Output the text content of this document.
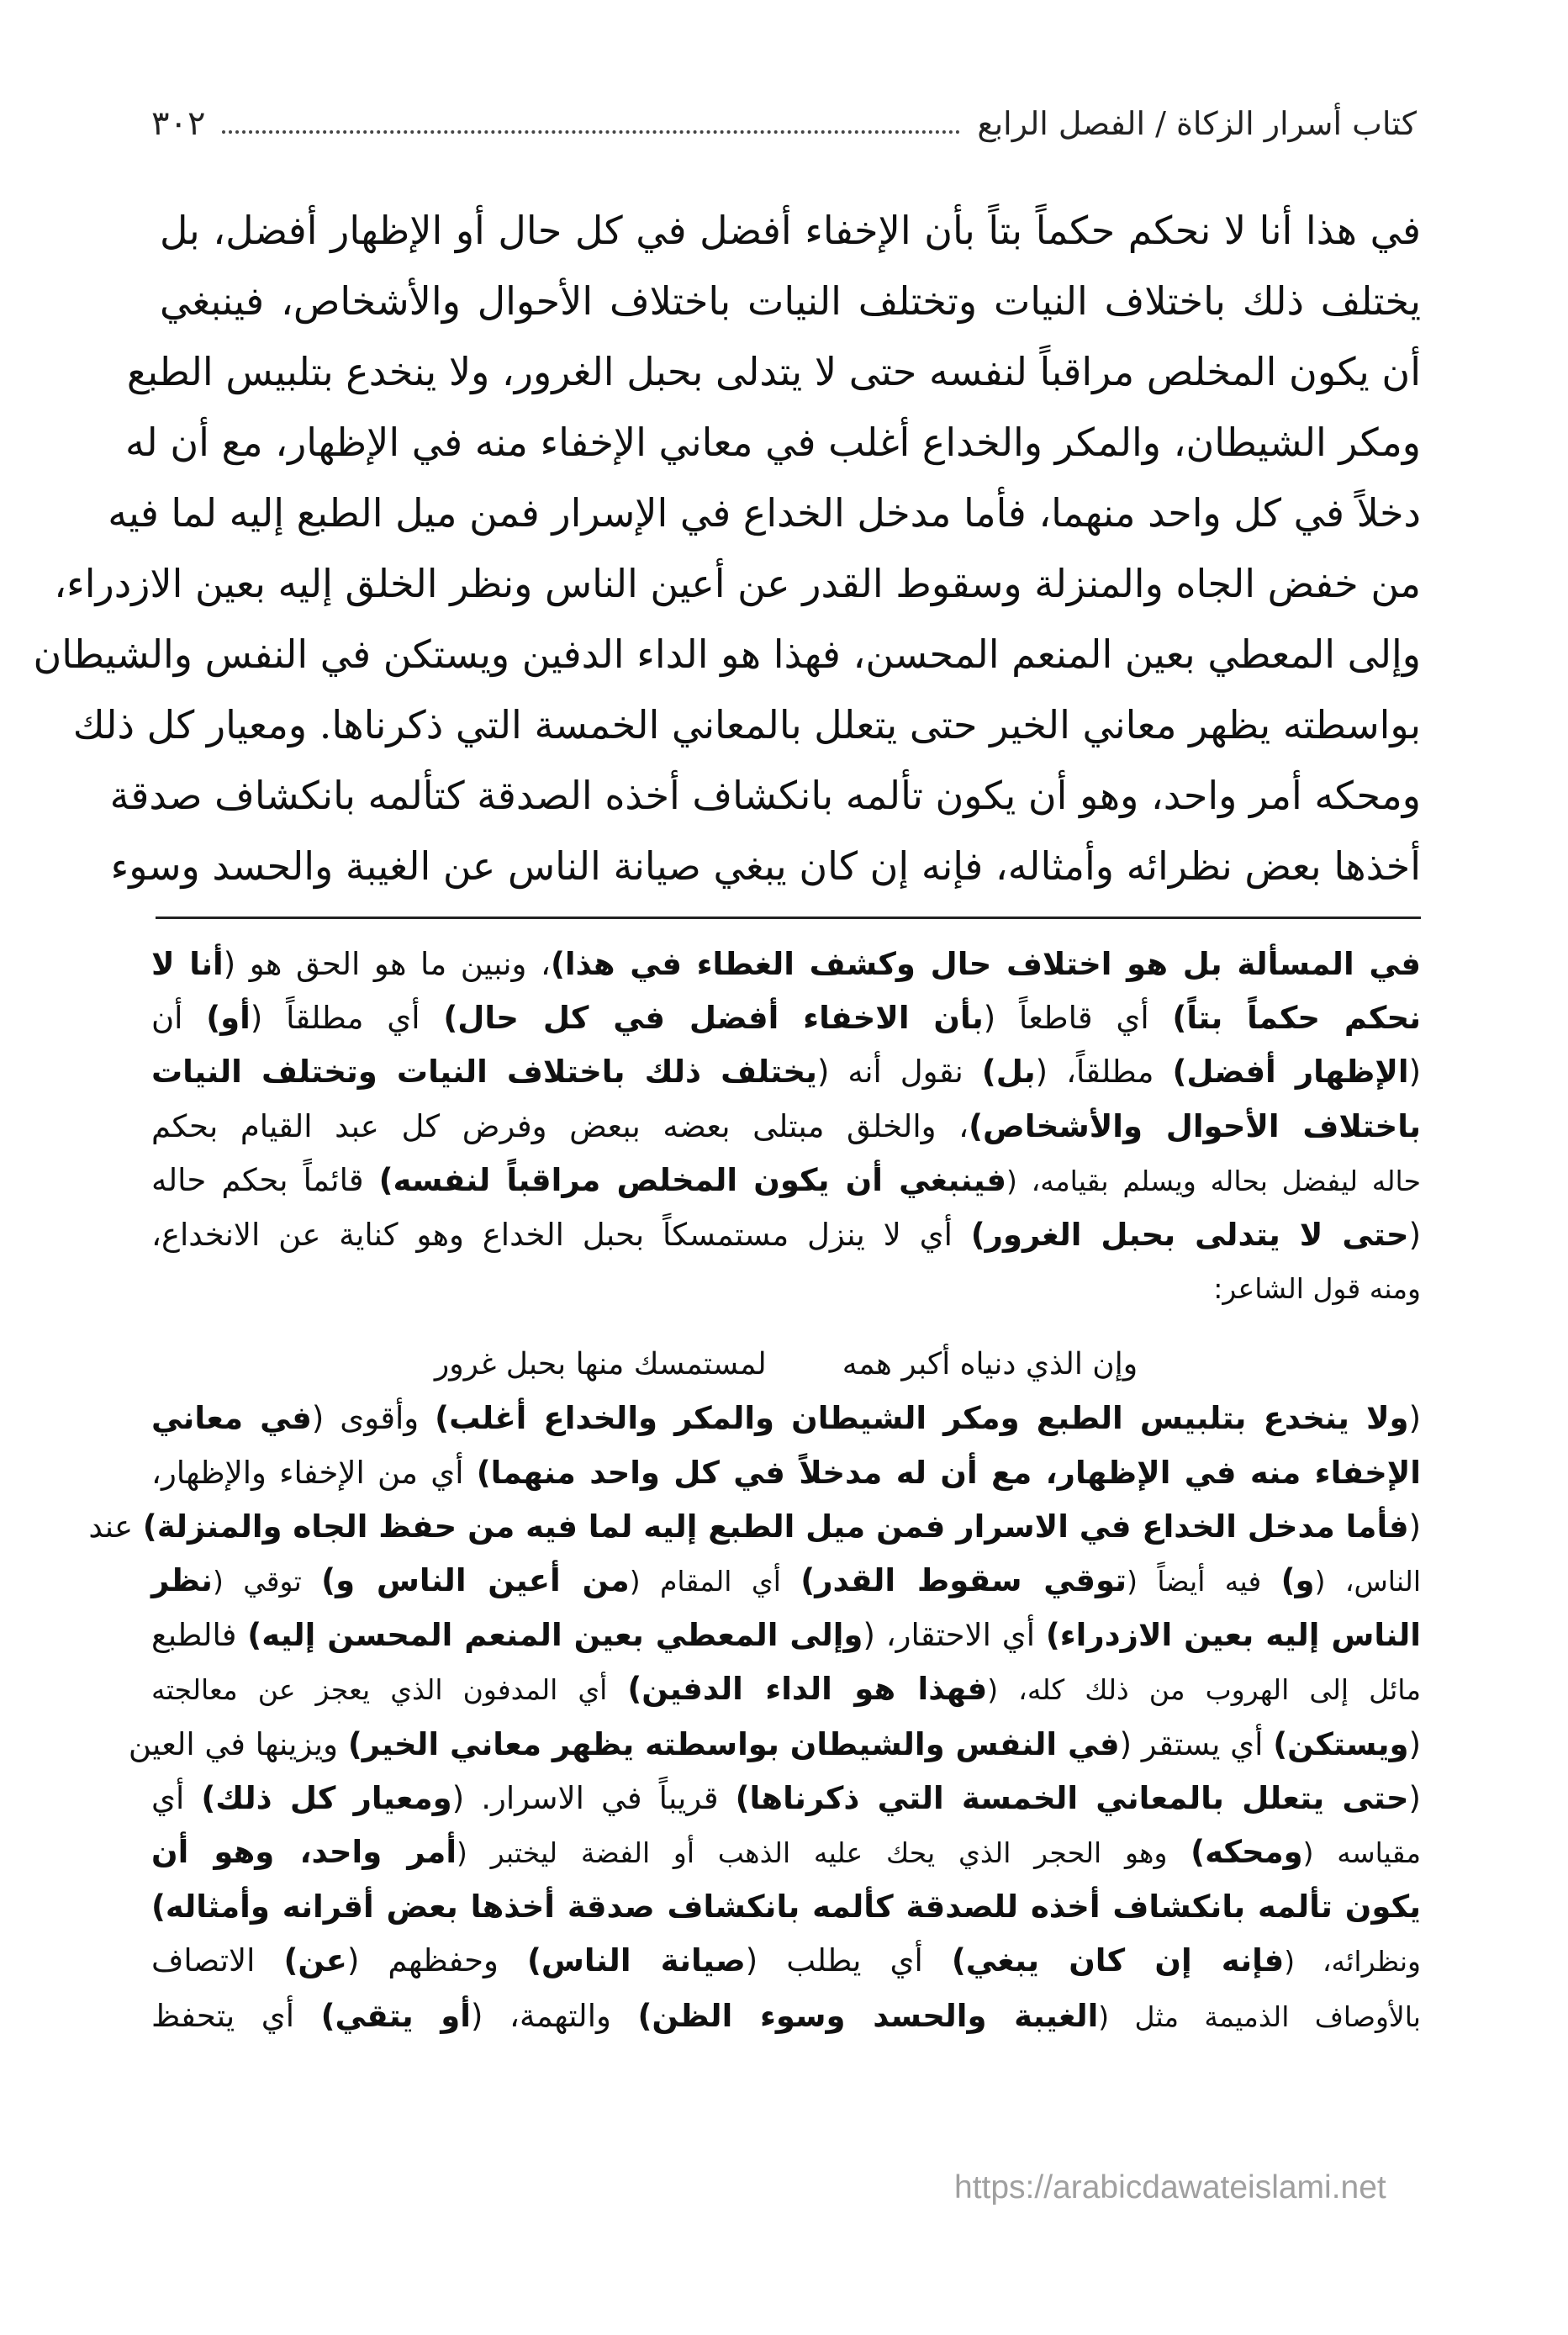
كتاب أسرار الزكاة / الفصل الرابع
٣٠٢
في هذا أنا لا نحكم حكماً بتاً بأن الإخفاء أفضل في كل حال أو الإظهار أفضل، بل
يختلف ذلك باختلاف النيات وتختلف النيات باختلاف الأحوال والأشخاص، فينبغي
أن يكون المخلص مراقباً لنفسه حتى لا يتدلى بحبل الغرور، ولا ينخدع بتلبيس الطبع
ومكر الشيطان، والمكر والخداع أغلب في معاني الإخفاء منه في الإظهار، مع أن له
دخلاً في كل واحد منهما، فأما مدخل الخداع في الإسرار فمن ميل الطبع إليه لما فيه
من خفض الجاه والمنزلة وسقوط القدر عن أعين الناس ونظر الخلق إليه بعين الازدراء،
وإلى المعطي بعين المنعم المحسن، فهذا هو الداء الدفين ويستكن في النفس والشيطان
بواسطته يظهر معاني الخير حتى يتعلل بالمعاني الخمسة التي ذكرناها. ومعيار كل ذلك
ومحكه أمر واحد، وهو أن يكون تألمه بانكشاف أخذه الصدقة كتألمه بانكشاف صدقة
أخذها بعض نظرائه وأمثاله، فإنه إن كان يبغي صيانة الناس عن الغيبة والحسد وسوء
في المسألة بل هو اختلاف حال وكشف الغطاء في هذا)، ونبين ما هو الحق هو (أنا لا
نحكم حكماً بتاً) أي قاطعاً (بأن الاخفاء أفضل في كل حال) أي مطلقاً (أو) أن
(الإظهار أفضل) مطلقاً، (بل) نقول أنه (يختلف ذلك باختلاف النيات وتختلف النيات
باختلاف الأحوال والأشخاص)، والخلق مبتلى بعضه ببعض وفرض كل عبد القيام بحكم
حاله ليفضل بحاله ويسلم بقيامه، (فينبغي أن يكون المخلص مراقباً لنفسه) قائماً بحكم حاله
(حتى لا يتدلى بحبل الغرور) أي لا ينزل مستمسكاً بحبل الخداع وهو كناية عن الانخداع،
ومنه قول الشاعر:
وإن الذي دنياه أكبر همه
لمستمسك منها بحبل غرور
(ولا ينخدع بتلبيس الطبع ومكر الشيطان والمكر والخداع أغلب) وأقوى (في معاني
الإخفاء منه في الإظهار، مع أن له مدخلاً في كل واحد منهما) أي من الإخفاء والإظهار،
(فأما مدخل الخداع في الاسرار فمن ميل الطبع إليه لما فيه من حفظ الجاه والمنزلة) عند
الناس، (و) فيه أيضاً (توقي سقوط القدر) أي المقام (من أعين الناس و) توقي (نظر
الناس إليه بعين الازدراء) أي الاحتقار، (وإلى المعطي بعين المنعم المحسن إليه) فالطبع
مائل إلى الهروب من ذلك كله، (فهذا هو الداء الدفين) أي المدفون الذي يعجز عن معالجته
(ويستكن) أي يستقر (في النفس والشيطان بواسطته يظهر معاني الخير) ويزينها في العين
(حتى يتعلل بالمعاني الخمسة التي ذكرناها) قريباً في الاسرار. (ومعيار كل ذلك) أي
مقياسه (ومحكه) وهو الحجر الذي يحك عليه الذهب أو الفضة ليختبر (أمر واحد، وهو أن
يكون تألمه بانكشاف أخذه للصدقة كألمه بانكشاف صدقة أخذها بعض أقرانه وأمثاله)
ونظرائه، (فإنه إن كان يبغي) أي يطلب (صيانة الناس) وحفظهم (عن) الاتصاف
بالأوصاف الذميمة مثل (الغيبة والحسد وسوء الظن) والتهمة، (أو يتقي) أي يتحفظ
https://arabicdawateislami.net
